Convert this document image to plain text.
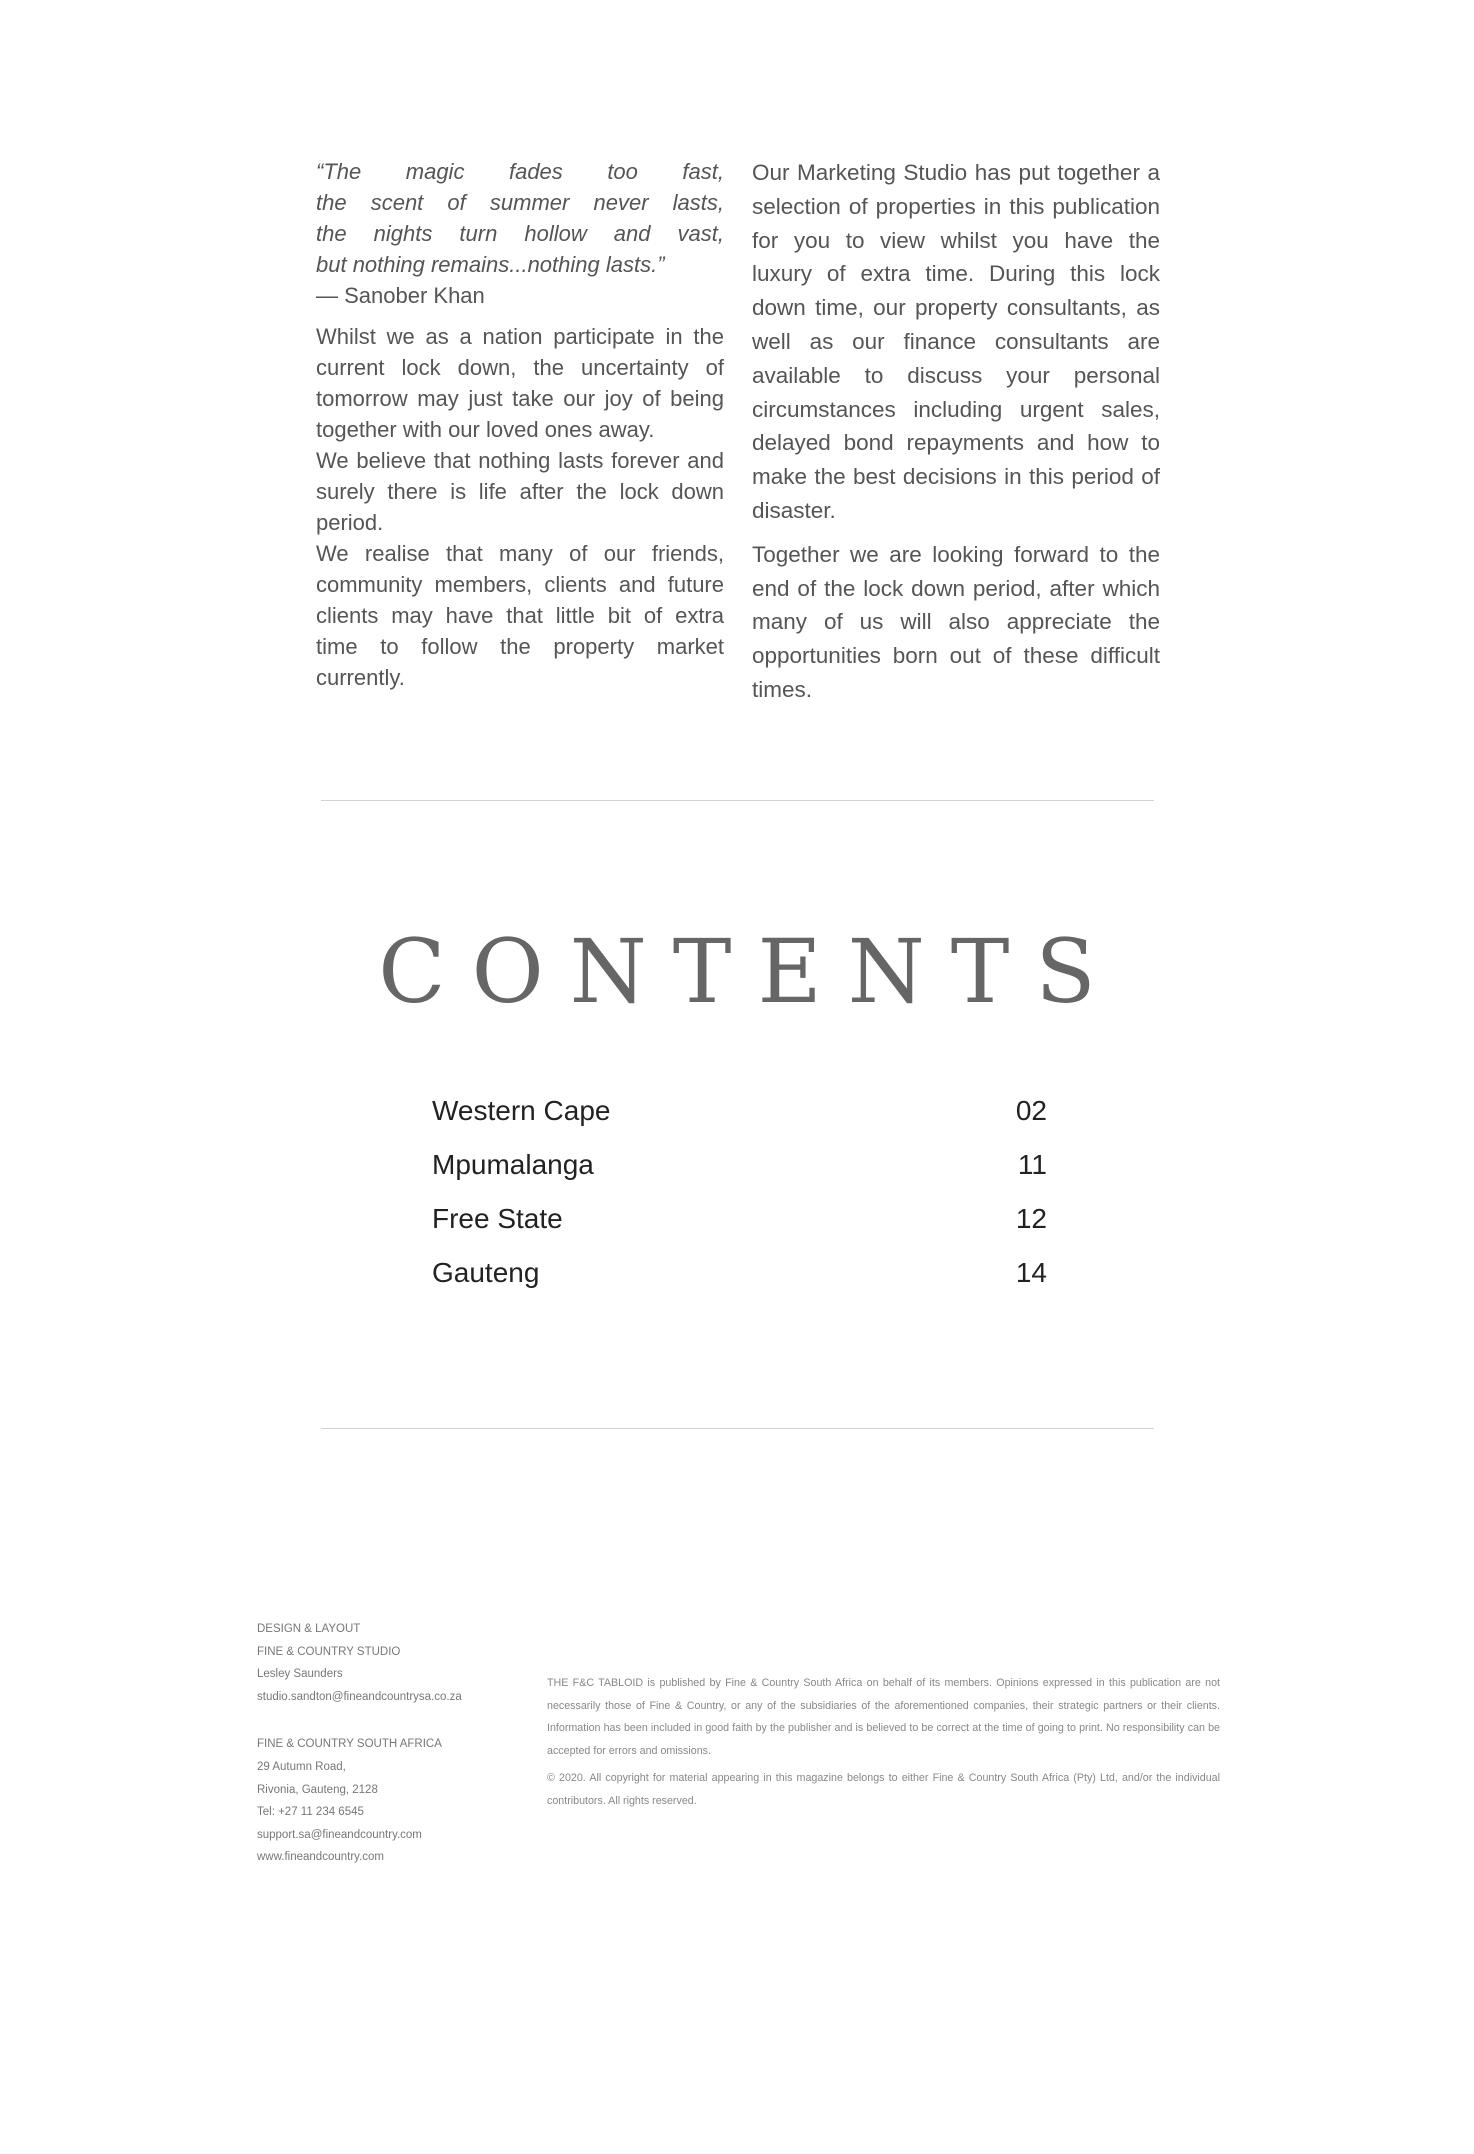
“The magic fades too fast,
the scent of summer never lasts,
the nights turn hollow and vast,
but nothing remains...nothing lasts.”

— Sanober Khan

Whilst we as a nation participate in the current lock down, the uncertainty of tomorrow may just take our joy of being together with our loved ones away.

We believe that nothing lasts forever and surely there is life after the lock down period.

We realise that many of our friends, community members, clients and future clients may have that little bit of extra time to follow the property market currently.

Our Marketing Studio has put together a selection of properties in this publication for you to view whilst you have the luxury of extra time. During this lock down time, our property consultants, as well as our finance consultants are available to discuss your personal circumstances including urgent sales, delayed bond repayments and how to make the best decisions in this period of disaster.

Together we are looking forward to the end of the lock down period, after which many of us will also appreciate the opportunities born out of these difficult times.

CONTENTS
Western Cape	02
Mpumalanga	11
Free State	12
Gauteng	14
DESIGN & LAYOUT
FINE & COUNTRY STUDIO
Lesley Saunders
studio.sandton@fineandcountrysa.co.za
FINE & COUNTRY SOUTH AFRICA
29 Autumn Road,
Rivonia, Gauteng, 2128
Tel: +27 11 234 6545
support.sa@fineandcountry.com
www.fineandcountry.com

THE F&C TABLOID is published by Fine & Country South Africa on behalf of its members. Opinions expressed in this publication are not necessarily those of Fine & Country, or any of the subsidiaries of the aforementioned companies, their strategic partners or their clients. Information has been included in good faith by the publisher and is believed to be correct at the time of going to print. No responsibility can be accepted for errors and omissions.

© 2020. All copyright for material appearing in this magazine belongs to either Fine & Country South Africa (Pty) Ltd, and/or the individual contributors. All rights reserved.
